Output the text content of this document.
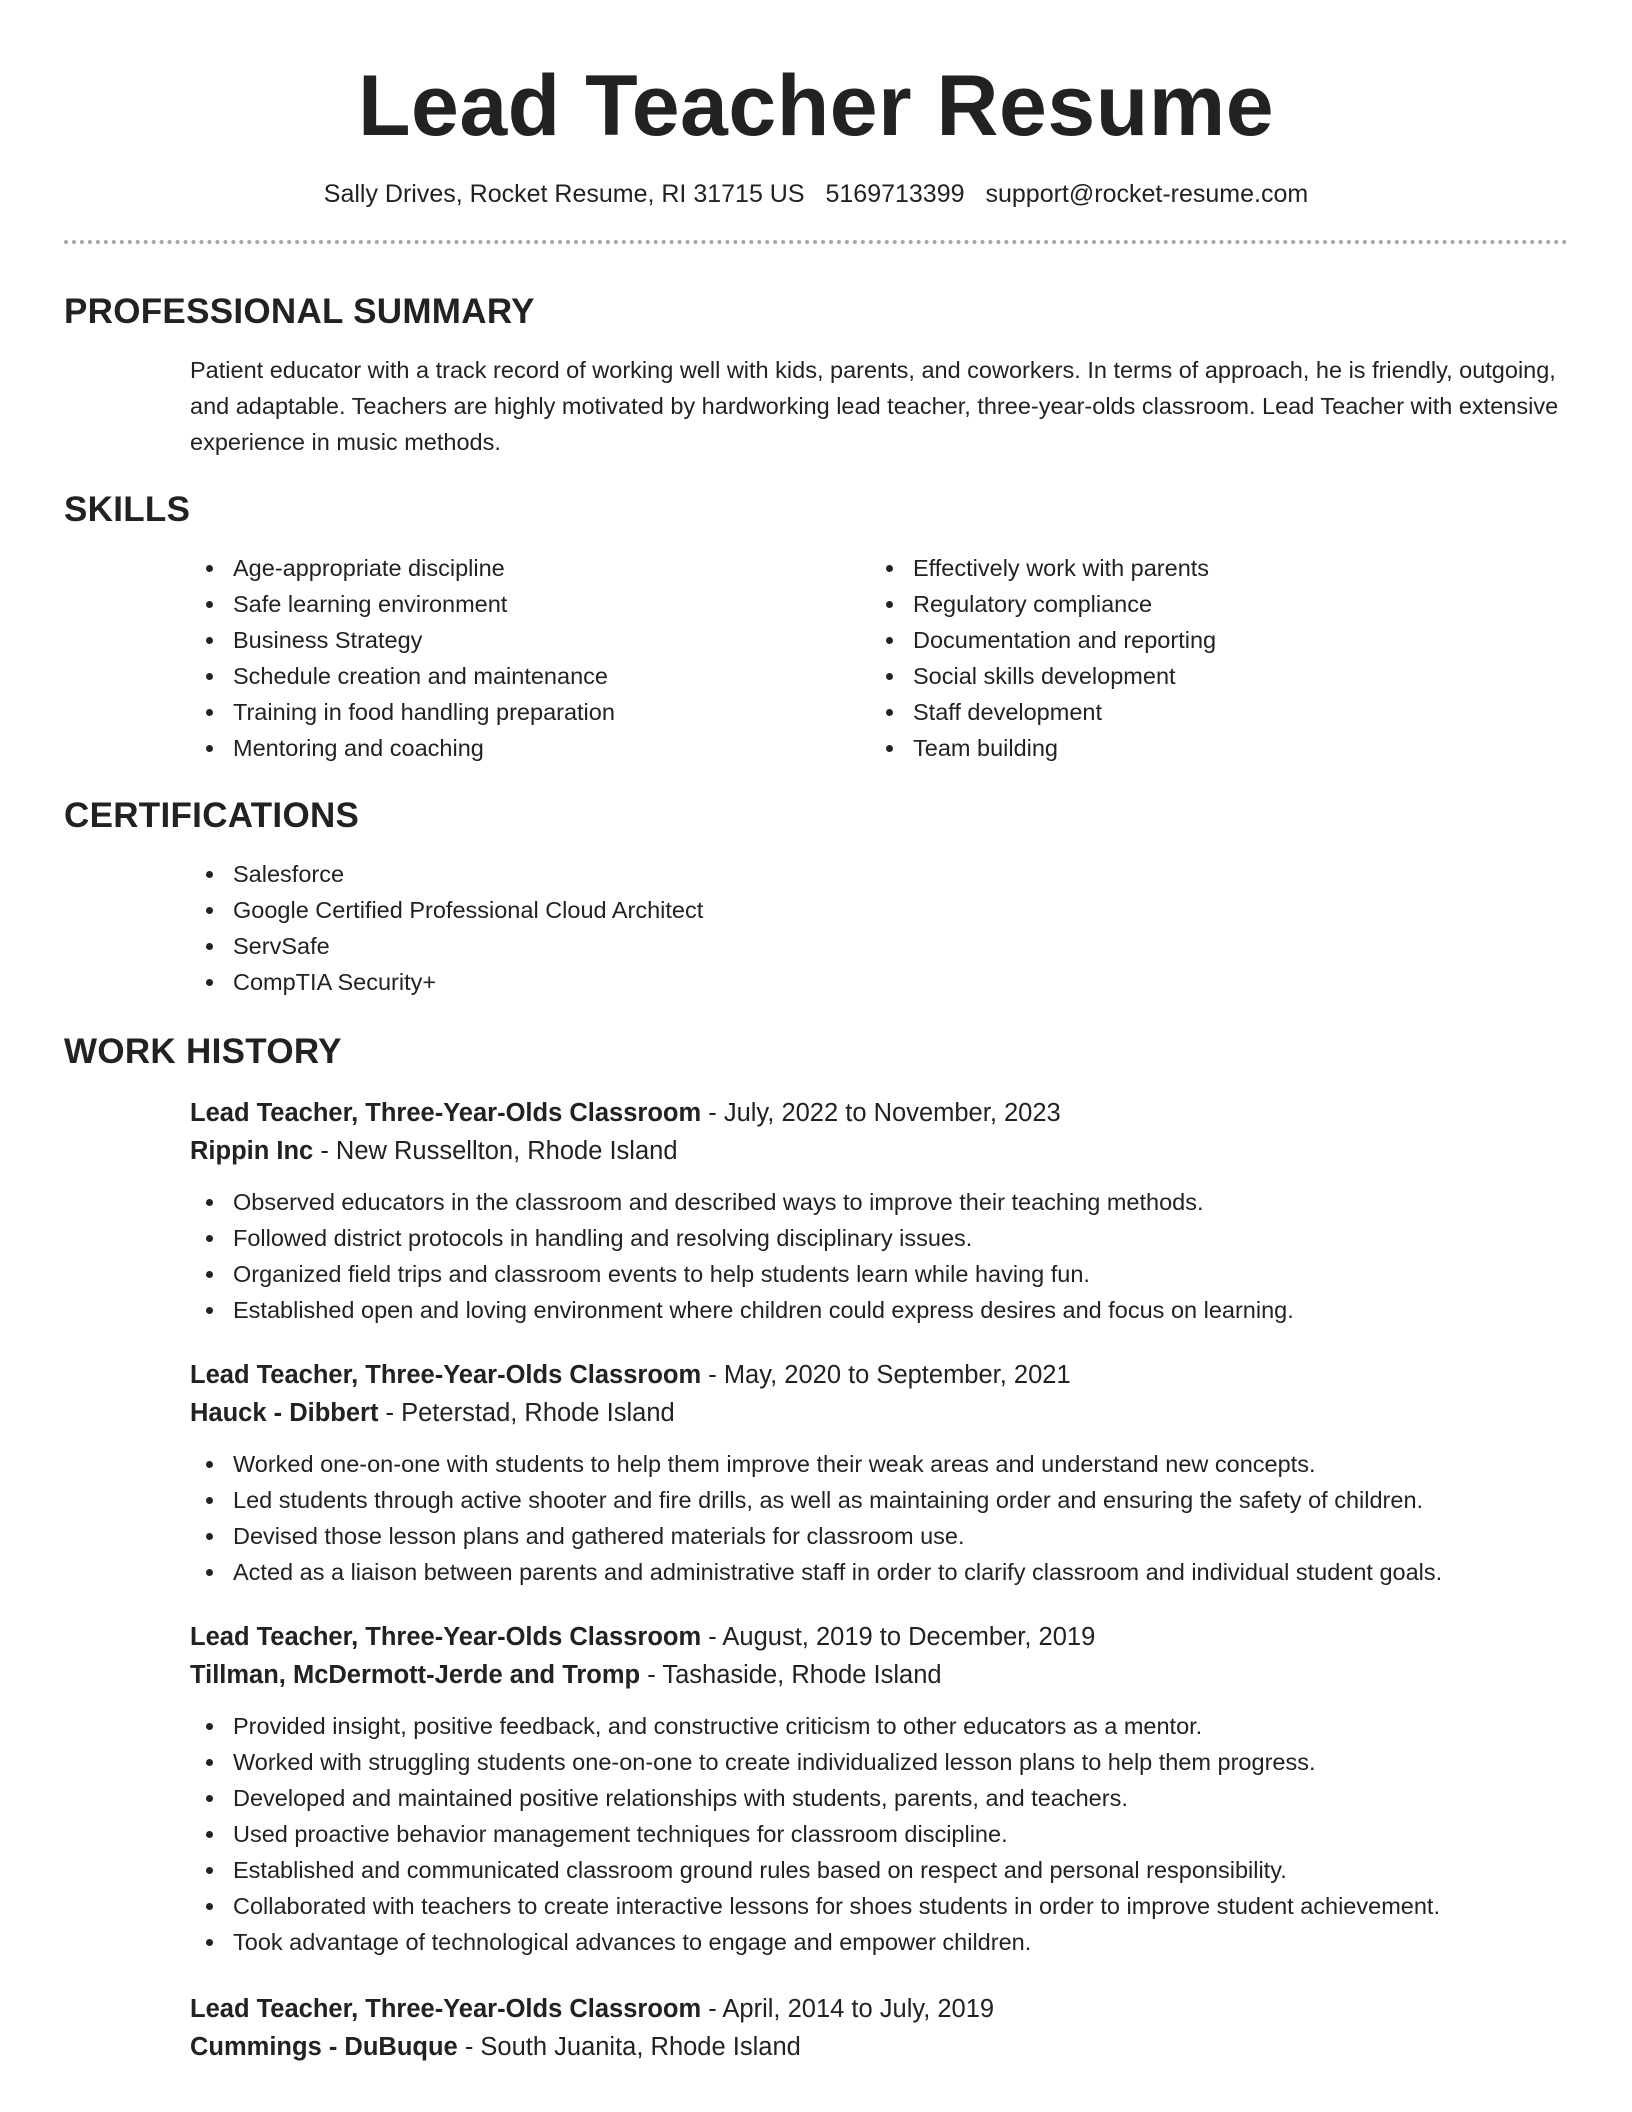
Lead Teacher Resume
Sally Drives, Rocket Resume, RI 31715 US 5169713399 support@rocket-resume.com
PROFESSIONAL SUMMARY

Patient educator with a track record of working well with kids, parents, and coworkers. In terms of approach, he is friendly, outgoing, and adaptable. Teachers are highly motivated by hardworking lead teacher, three-year-olds classroom. Lead Teacher with extensive experience in music methods.

SKILLS
Age-appropriate discipline
Safe learning environment
Business Strategy
Schedule creation and maintenance
Training in food handling preparation
Mentoring and coaching
Effectively work with parents
Regulatory compliance
Documentation and reporting
Social skills development
Staff development
Team building
CERTIFICATIONS
Salesforce
Google Certified Professional Cloud Architect
ServSafe
CompTIA Security+
WORK HISTORY
Lead Teacher, Three-Year-Olds Classroom - July, 2022 to November, 2023
Rippin Inc - New Russellton, Rhode Island
Observed educators in the classroom and described ways to improve their teaching methods.
Followed district protocols in handling and resolving disciplinary issues.
Organized field trips and classroom events to help students learn while having fun.
Established open and loving environment where children could express desires and focus on learning.
Lead Teacher, Three-Year-Olds Classroom - May, 2020 to September, 2021
Hauck - Dibbert - Peterstad, Rhode Island
Worked one-on-one with students to help them improve their weak areas and understand new concepts.
Led students through active shooter and fire drills, as well as maintaining order and ensuring the safety of children.
Devised those lesson plans and gathered materials for classroom use.
Acted as a liaison between parents and administrative staff in order to clarify classroom and individual student goals.
Lead Teacher, Three-Year-Olds Classroom - August, 2019 to December, 2019
Tillman, McDermott-Jerde and Tromp - Tashaside, Rhode Island
Provided insight, positive feedback, and constructive criticism to other educators as a mentor.
Worked with struggling students one-on-one to create individualized lesson plans to help them progress.
Developed and maintained positive relationships with students, parents, and teachers.
Used proactive behavior management techniques for classroom discipline.
Established and communicated classroom ground rules based on respect and personal responsibility.
Collaborated with teachers to create interactive lessons for shoes students in order to improve student achievement.
Took advantage of technological advances to engage and empower children.
Lead Teacher, Three-Year-Olds Classroom - April, 2014 to July, 2019
Cummings - DuBuque - South Juanita, Rhode Island
